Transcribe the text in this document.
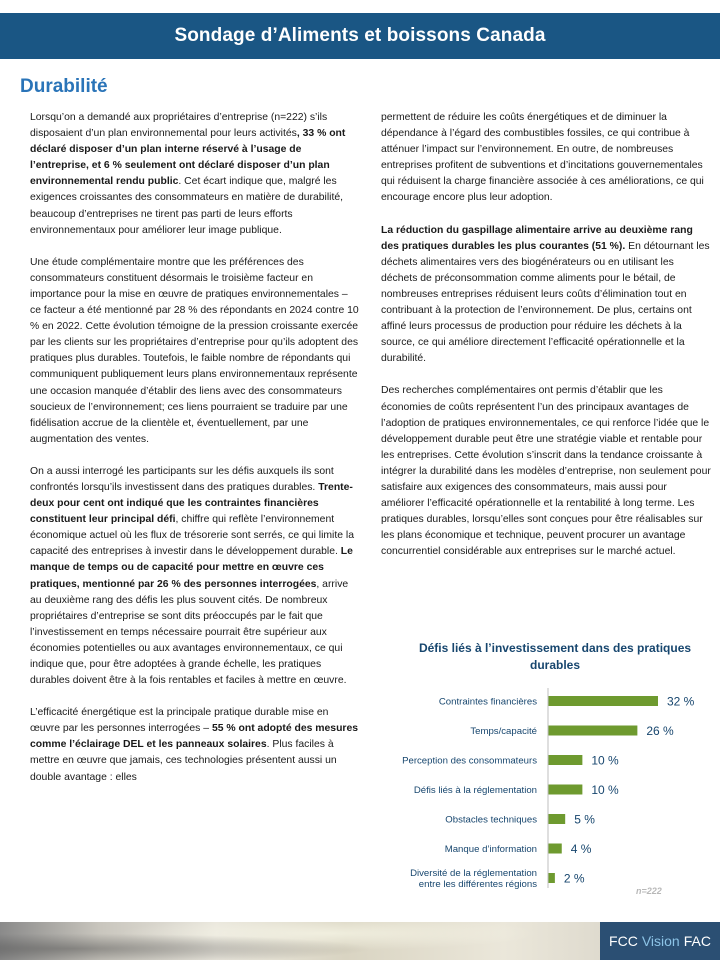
Sondage d’Aliments et boissons Canada
Durabilité

Lorsqu’on a demandé aux propriétaires d’entreprise (n=222) s’ils disposaient d’un plan environnemental pour leurs activités, 33 % ont déclaré disposer d’un plan interne réservé à l’usage de l’entreprise, et 6 % seulement ont déclaré disposer d’un plan environnemental rendu public. Cet écart indique que, malgré les exigences croissantes des consommateurs en matière de durabilité, beaucoup d’entreprises ne tirent pas parti de leurs efforts environnementaux pour améliorer leur image publique.

Une étude complémentaire montre que les préférences des consommateurs constituent désormais le troisième facteur en importance pour la mise en œuvre de pratiques environnementales – ce facteur a été mentionné par 28 % des répondants en 2024 contre 10 % en 2022. Cette évolution témoigne de la pression croissante exercée par les clients sur les propriétaires d’entreprise pour qu’ils adoptent des pratiques plus durables. Toutefois, le faible nombre de répondants qui communiquent publiquement leurs plans environnementaux représente une occasion manquée d’établir des liens avec des consommateurs soucieux de l’environnement; ces liens pourraient se traduire par une fidélisation accrue de la clientèle et, éventuellement, par une augmentation des ventes.

On a aussi interrogé les participants sur les défis auxquels ils sont confrontés lorsqu’ils investissent dans des pratiques durables. Trente-deux pour cent ont indiqué que les contraintes financières constituent leur principal défi, chiffre qui reflète l’environnement économique actuel où les flux de trésorerie sont serrés, ce qui limite la capacité des entreprises à investir dans le développement durable. Le manque de temps ou de capacité pour mettre en œuvre ces pratiques, mentionné par 26 % des personnes interrogées, arrive au deuxième rang des défis les plus souvent cités. De nombreux propriétaires d’entreprise se sont dits préoccupés par le fait que l’investissement en temps nécessaire pourrait être supérieur aux économies potentielles ou aux avantages environnementaux, ce qui indique que, pour être adoptées à grande échelle, les pratiques durables doivent être à la fois rentables et faciles à mettre en œuvre.

L’efficacité énergétique est la principale pratique durable mise en œuvre par les personnes interrogées – 55 % ont adopté des mesures comme l’éclairage DEL et les panneaux solaires. Plus faciles à mettre en œuvre que jamais, ces technologies présentent aussi un double avantage : elles

permettent de réduire les coûts énergétiques et de diminuer la dépendance à l’égard des combustibles fossiles, ce qui contribue à atténuer l’impact sur l’environnement. En outre, de nombreuses entreprises profitent de subventions et d’incitations gouvernementales qui réduisent la charge financière associée à ces améliorations, ce qui encourage encore plus leur adoption.

La réduction du gaspillage alimentaire arrive au deuxième rang des pratiques durables les plus courantes (51 %). En détournant les déchets alimentaires vers des biogénérateurs ou en utilisant les déchets de préconsommation comme aliments pour le bétail, de nombreuses entreprises réduisent leurs coûts d’élimination tout en contribuant à la protection de l’environnement. De plus, certains ont affiné leurs processus de production pour réduire les déchets à la source, ce qui améliore directement l’efficacité opérationnelle et la durabilité.

Des recherches complémentaires ont permis d’établir que les économies de coûts représentent l’un des principaux avantages de l’adoption de pratiques environnementales, ce qui renforce l’idée que le développement durable peut être une stratégie viable et rentable pour les entreprises. Cette évolution s’inscrit dans la tendance croissante à intégrer la durabilité dans les modèles d’entreprise, non seulement pour satisfaire aux exigences des consommateurs, mais aussi pour améliorer l’efficacité opérationnelle et la rentabilité à long terme. Les pratiques durables, lorsqu’elles sont conçues pour être réalisables sur les plans économique et technique, peuvent procurer un avantage concurrentiel considérable aux entreprises sur le marché actuel.

Défis liés à l’investissement dans des pratiques durables
Contraintes financières	32 %
Temps/capacité	26 %
Perception des consommateurs	10 %
Défis liés à la réglementation	10 %
Obstacles techniques	5 %
Manque d’information	4 %
Diversité de la réglementation entre les différentes régions 2 %
n=222
FCC Vision FAC
